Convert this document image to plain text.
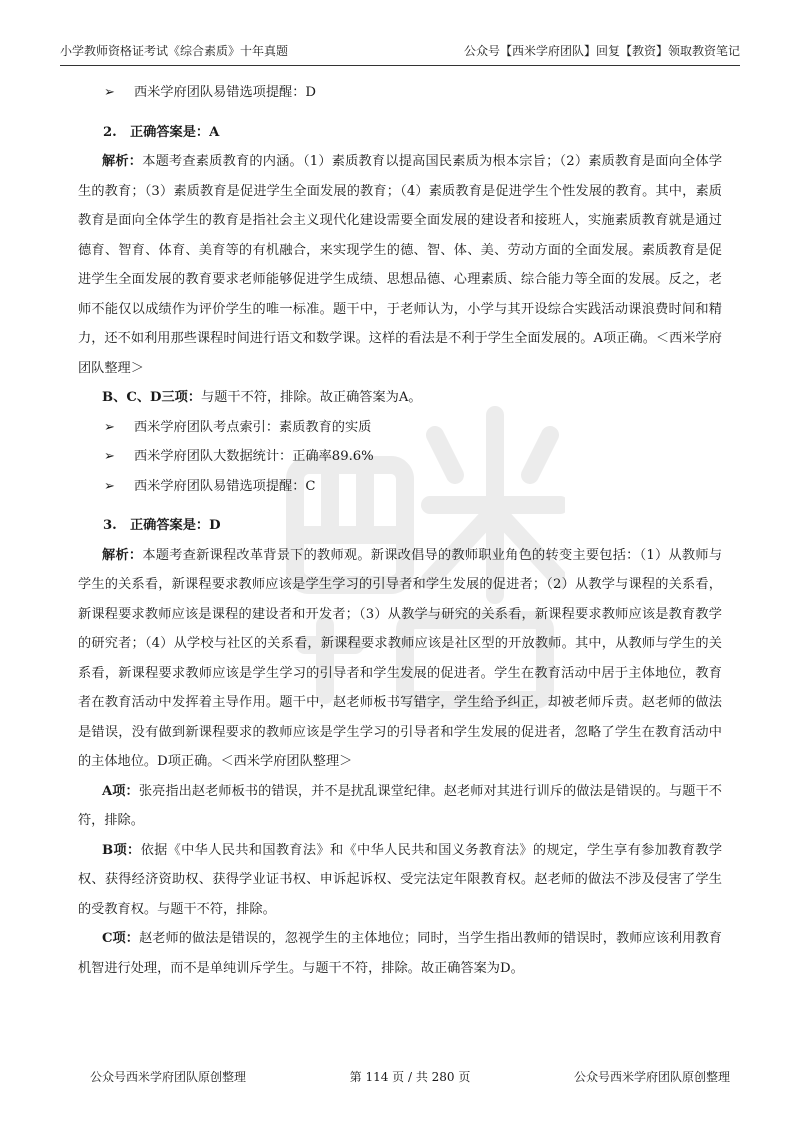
小学教师资格证考试《综合素质》十年真题	公众号【西米学府团队】回复【教资】领取教资笔记
➢	西米学府团队易错选项提醒：D
2.　正确答案是：A
解析：本题考查素质教育的内涵。（1）素质教育以提高国民素质为根本宗旨；（2）素质教育是面向全体学生的教育；（3）素质教育是促进学生全面发展的教育；（4）素质教育是促进学生个性发展的教育。其中，素质教育是面向全体学生的教育是指社会主义现代化建设需要全面发展的建设者和接班人，实施素质教育就是通过德育、智育、体育、美育等的有机融合，来实现学生的德、智、体、美、劳动方面的全面发展。素质教育是促进学生全面发展的教育要求老师能够促进学生成绩、思想品德、心理素质、综合能力等全面的发展。反之，老师不能仅以成绩作为评价学生的唯一标准。题干中，于老师认为，小学与其开设综合实践活动课浪费时间和精力，还不如利用那些课程时间进行语文和数学课。这样的看法是不利于学生全面发展的。A项正确。＜西米学府团队整理＞
B、C、D三项：与题干不符，排除。故正确答案为A。
➢	西米学府团队考点索引：素质教育的实质
➢	西米学府团队大数据统计：正确率89.6%
➢	西米学府团队易错选项提醒：C
3.　正确答案是：D
解析：本题考查新课程改革背景下的教师观。新课改倡导的教师职业角色的转变主要包括：（1）从教师与学生的关系看，新课程要求教师应该是学生学习的引导者和学生发展的促进者；（2）从教学与课程的关系看，新课程要求教师应该是课程的建设者和开发者；（3）从教学与研究的关系看，新课程要求教师应该是教育教学的研究者；（4）从学校与社区的关系看，新课程要求教师应该是社区型的开放教师。其中，从教师与学生的关系看，新课程要求教师应该是学生学习的引导者和学生发展的促进者。学生在教育活动中居于主体地位，教育者在教育活动中发挥着主导作用。题干中，赵老师板书写错字，学生给予纠正，却被老师斥责。赵老师的做法是错误，没有做到新课程要求的教师应该是学生学习的引导者和学生发展的促进者，忽略了学生在教育活动中的主体地位。D项正确。＜西米学府团队整理＞
A项：张亮指出赵老师板书的错误，并不是扰乱课堂纪律。赵老师对其进行训斥的做法是错误的。与题干不符，排除。
B项：依据《中华人民共和国教育法》和《中华人民共和国义务教育法》的规定，学生享有参加教育教学权、获得经济资助权、获得学业证书权、申诉起诉权、受完法定年限教育权。赵老师的做法不涉及侵害了学生的受教育权。与题干不符，排除。
C项：赵老师的做法是错误的，忽视学生的主体地位；同时，当学生指出教师的错误时，教师应该利用教育机智进行处理，而不是单纯训斥学生。与题干不符，排除。故正确答案为D。
公众号西米学府团队原创整理	第 114 页 / 共 280 页	公众号西米学府团队原创整理
